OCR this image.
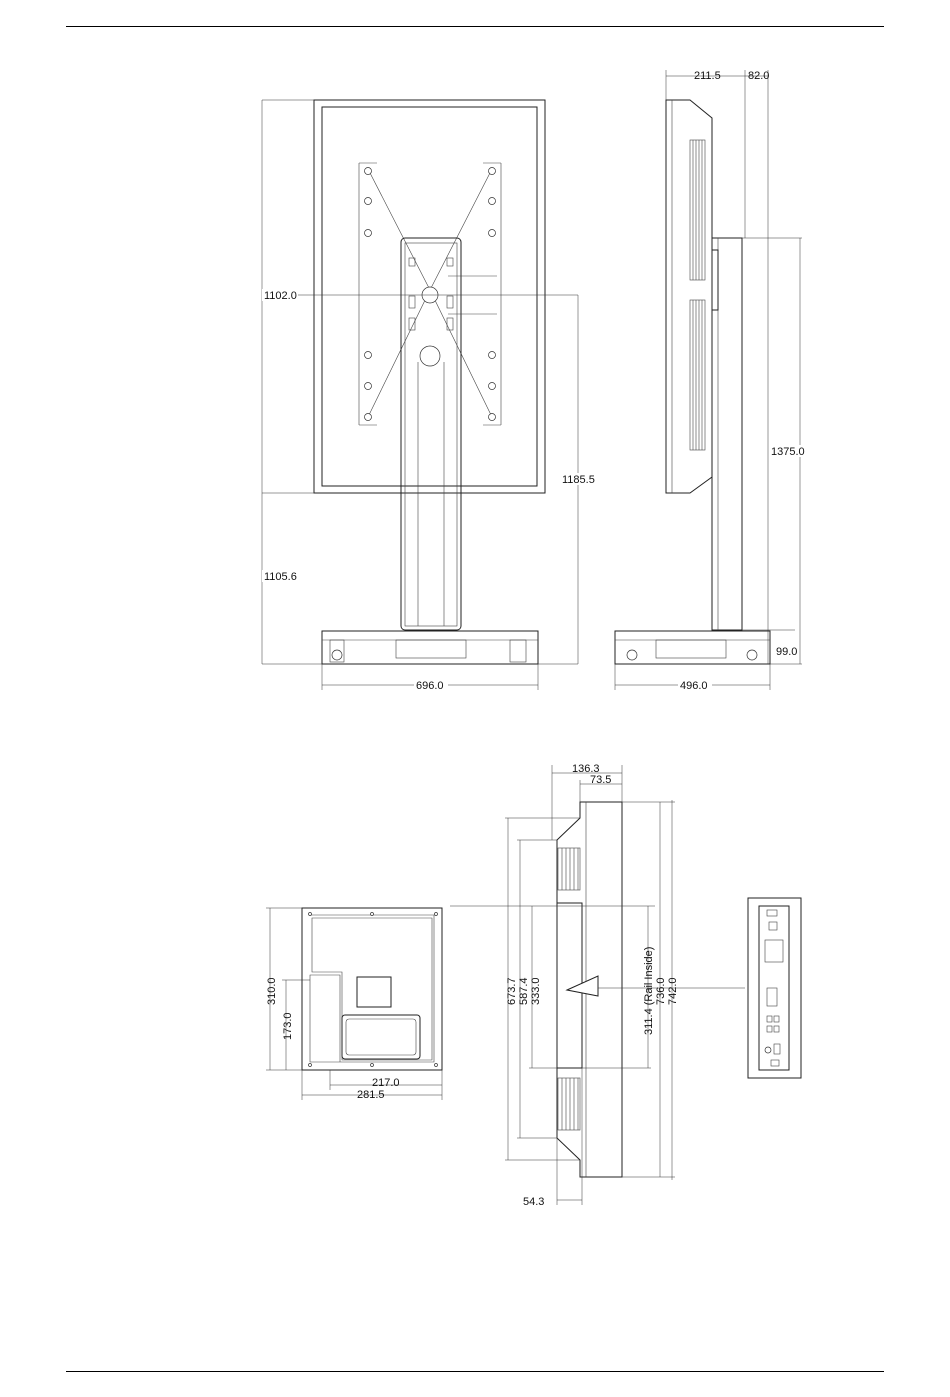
1102.0
1105.6
1185.5
696.0
211.5 82.0
1375.0
99.0
496.0
310.0
173.0
217.0
281.5
136.3
73.5
54.3
673.7 587.4 333.0	311.4 (Rail Inside) 736.0 742.0
